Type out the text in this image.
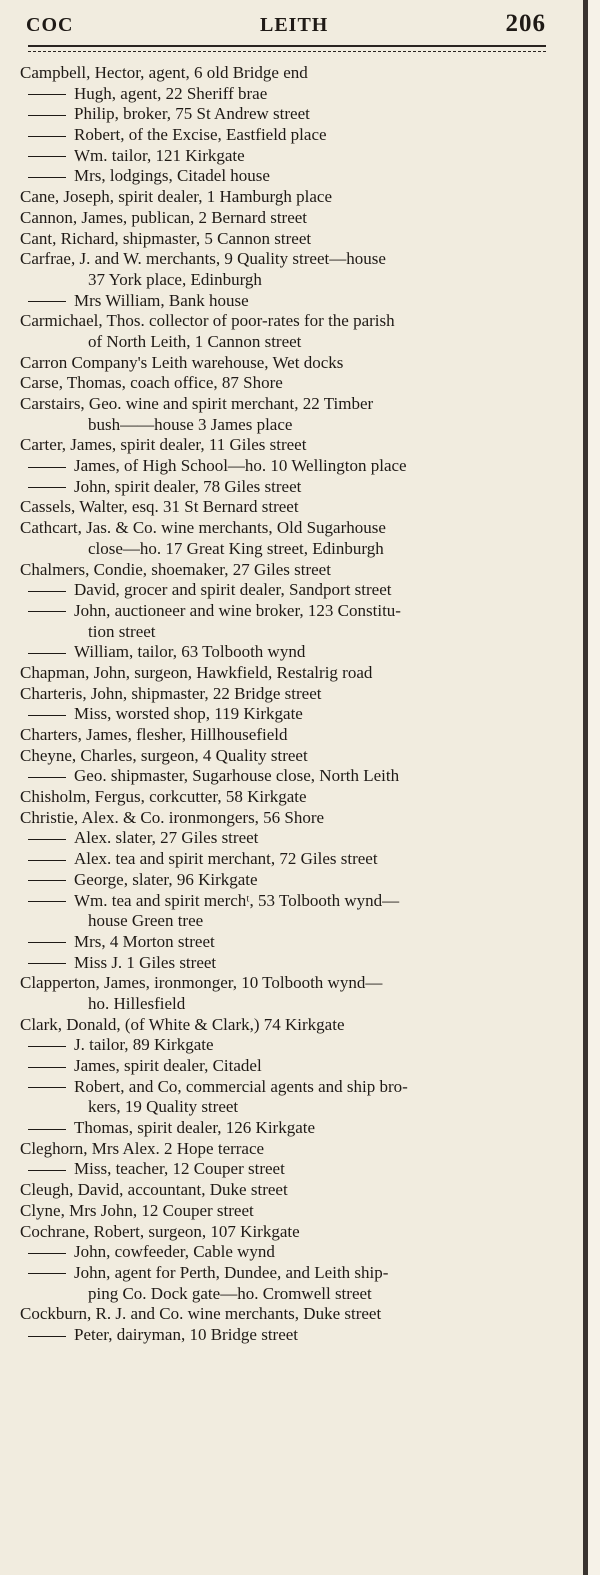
COC	LEITH	206
Campbell, Hector, agent, 6 old Bridge end
Hugh, agent, 22 Sheriff brae
Philip, broker, 75 St Andrew street
Robert, of the Excise, Eastfield place
Wm. tailor, 121 Kirkgate
Mrs, lodgings, Citadel house
Cane, Joseph, spirit dealer, 1 Hamburgh place
Cannon, James, publican, 2 Bernard street
Cant, Richard, shipmaster, 5 Cannon street
Carfrae, J. and W. merchants, 9 Quality street—house
37 York place, Edinburgh
Mrs William, Bank house
Carmichael, Thos. collector of poor-rates for the parish
of North Leith, 1 Cannon street
Carron Company's Leith warehouse, Wet docks
Carse, Thomas, coach office, 87 Shore
Carstairs, Geo. wine and spirit merchant, 22 Timber
bush——house 3 James place
Carter, James, spirit dealer, 11 Giles street
James, of High School—ho. 10 Wellington place
John, spirit dealer, 78 Giles street
Cassels, Walter, esq. 31 St Bernard street
Cathcart, Jas. & Co. wine merchants, Old Sugarhouse
close—ho. 17 Great King street, Edinburgh
Chalmers, Condie, shoemaker, 27 Giles street
David, grocer and spirit dealer, Sandport street
John, auctioneer and wine broker, 123 Constitu-
tion street
William, tailor, 63 Tolbooth wynd
Chapman, John, surgeon, Hawkfield, Restalrig road
Charteris, John, shipmaster, 22 Bridge street
Miss, worsted shop, 119 Kirkgate
Charters, James, flesher, Hillhousefield
Cheyne, Charles, surgeon, 4 Quality street
Geo. shipmaster, Sugarhouse close, North Leith
Chisholm, Fergus, corkcutter, 58 Kirkgate
Christie, Alex. & Co. ironmongers, 56 Shore
Alex. slater, 27 Giles street
Alex. tea and spirit merchant, 72 Giles street
George, slater, 96 Kirkgate
Wm. tea and spirit merchᵗ, 53 Tolbooth wynd—
house Green tree
Mrs, 4 Morton street
Miss J. 1 Giles street
Clapperton, James, ironmonger, 10 Tolbooth wynd—
ho. Hillesfield
Clark, Donald, (of White & Clark,) 74 Kirkgate
J. tailor, 89 Kirkgate
James, spirit dealer, Citadel
Robert, and Co, commercial agents and ship bro-
kers, 19 Quality street
Thomas, spirit dealer, 126 Kirkgate
Cleghorn, Mrs Alex. 2 Hope terrace
Miss, teacher, 12 Couper street
Cleugh, David, accountant, Duke street
Clyne, Mrs John, 12 Couper street
Cochrane, Robert, surgeon, 107 Kirkgate
John, cowfeeder, Cable wynd
John, agent for Perth, Dundee, and Leith ship-
ping Co. Dock gate—ho. Cromwell street
Cockburn, R. J. and Co. wine merchants, Duke street
Peter, dairyman, 10 Bridge street
